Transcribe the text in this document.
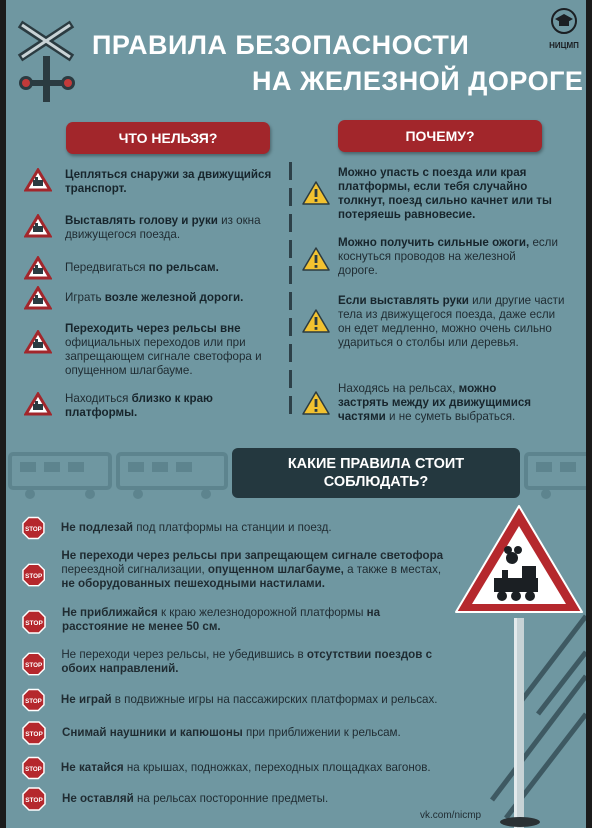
ПРАВИЛА БЕЗОПАСНОСТИ
НА ЖЕЛЕЗНОЙ ДОРОГЕ
НИЦМП
ЧТО НЕЛЬЗЯ?	ПОЧЕМУ?
Цепляться снаружи за движущийся транспорт.
Выставлять голову и руки из окна движущегося поезда.
Передвигаться по рельсам.
Играть возле железной дороги.
Переходить через рельсы вне официальных переходов или при запрещающем сигнале светофора и опущенном шлагбауме.
Находиться близко к краю платформы.
Можно упасть с поезда или края платформы, если тебя случайно толкнут, поезд сильно качнет или ты потеряешь равновесие.
Можно получить сильные ожоги, если коснуться проводов на железной дороге.
Если выставлять руки или другие части тела из движущегося поезда, даже если он едет медленно, можно очень сильно удариться о столбы или деревья.
Находясь на рельсах, можно застрять между их движущимися частями и не суметь выбраться.
КАКИЕ ПРАВИЛА СТОИТ
СОБЛЮДАТЬ?
STOP Не подлезай под платформы на станции и поезд.
STOP
Не переходи через рельсы при запрещающем сигнале светофора переездной сигнализации, опущенном шлагбауме, а также в местах, не оборудованных пешеходными настилами.
STOP
Не приближайся к краю железнодорожной платформы на расстояние не менее 50 см.
STOP
Не переходи через рельсы, не убедившись в отсутствии поездов с обоих направлений.
STOP Не играй в подвижные игры на пассажирских платформах и рельсах.
STOP Снимай наушники и капюшоны при приближении к рельсам.
STOP Не катайся на крышах, подножках, переходных площадках вагонов.
STOP Не оставляй на рельсах посторонние предметы.
vk.com/nicmp
